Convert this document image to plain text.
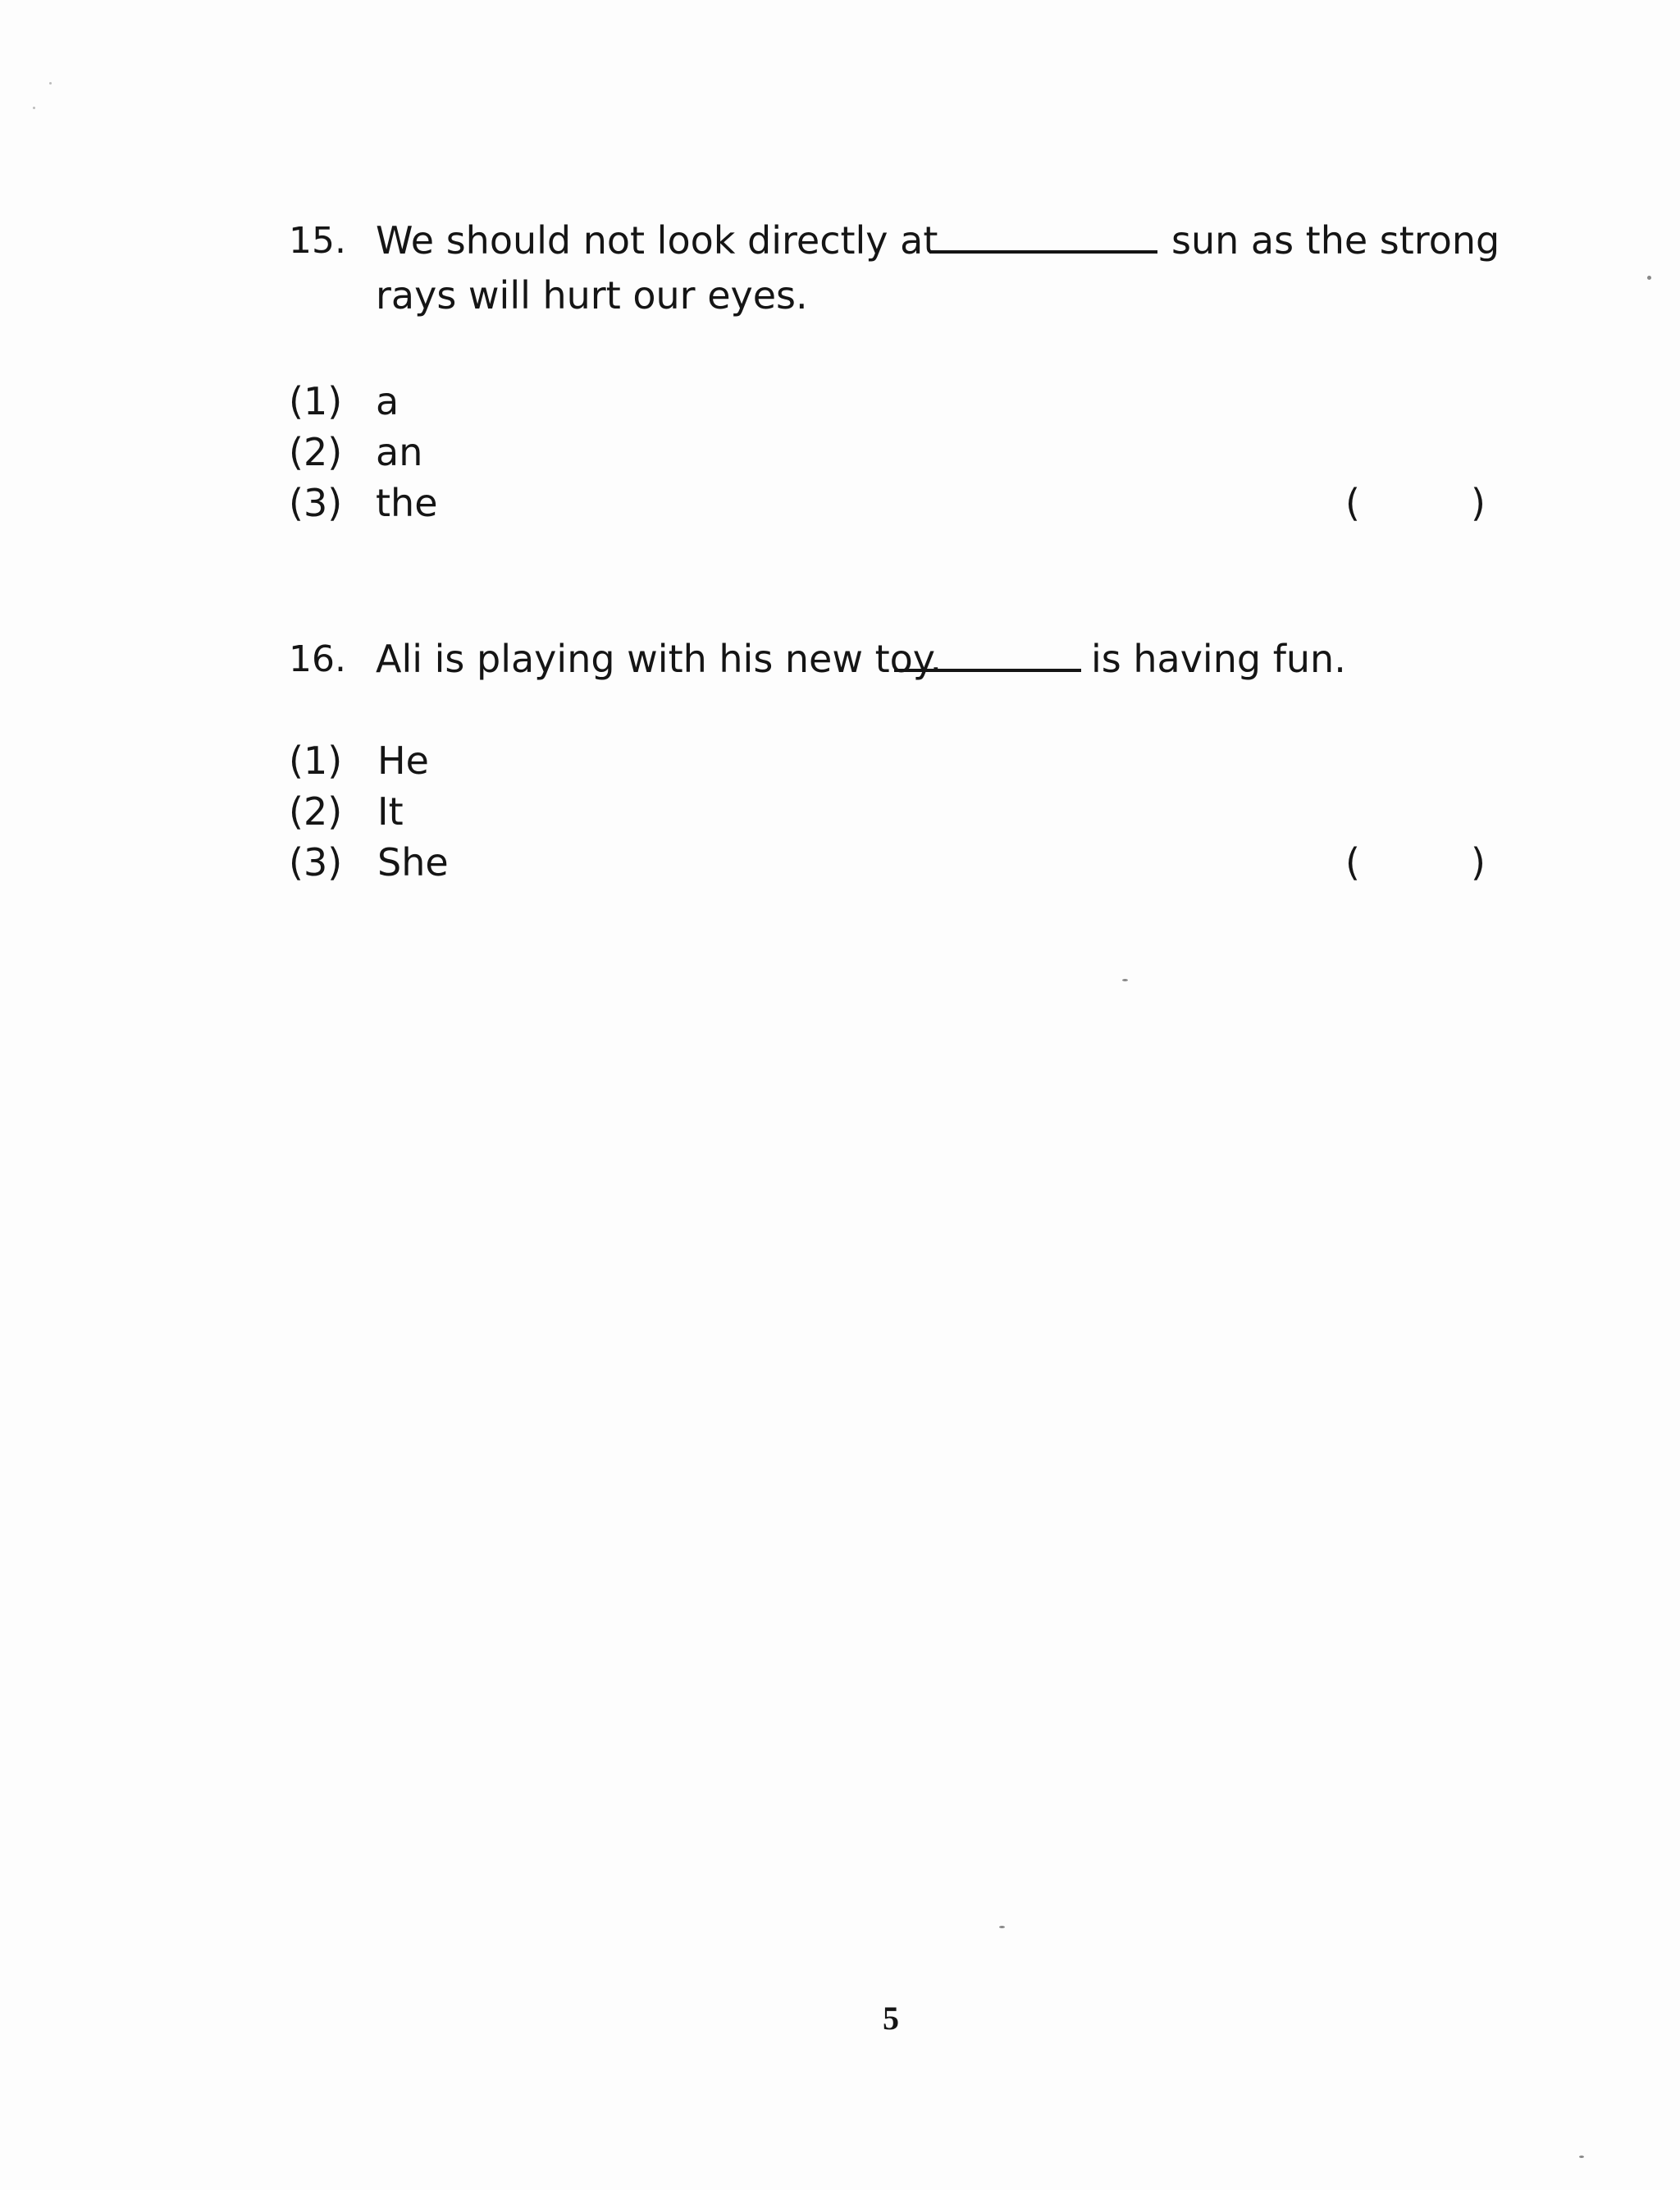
15. We should not look directly at	sun as the strong
rays will hurt our eyes.
(1) a
(2) an
(3) the	(	)
16. Ali is playing with his new toy.	is having fun.
(1) He
(2) It
(3) She	(	)
5
